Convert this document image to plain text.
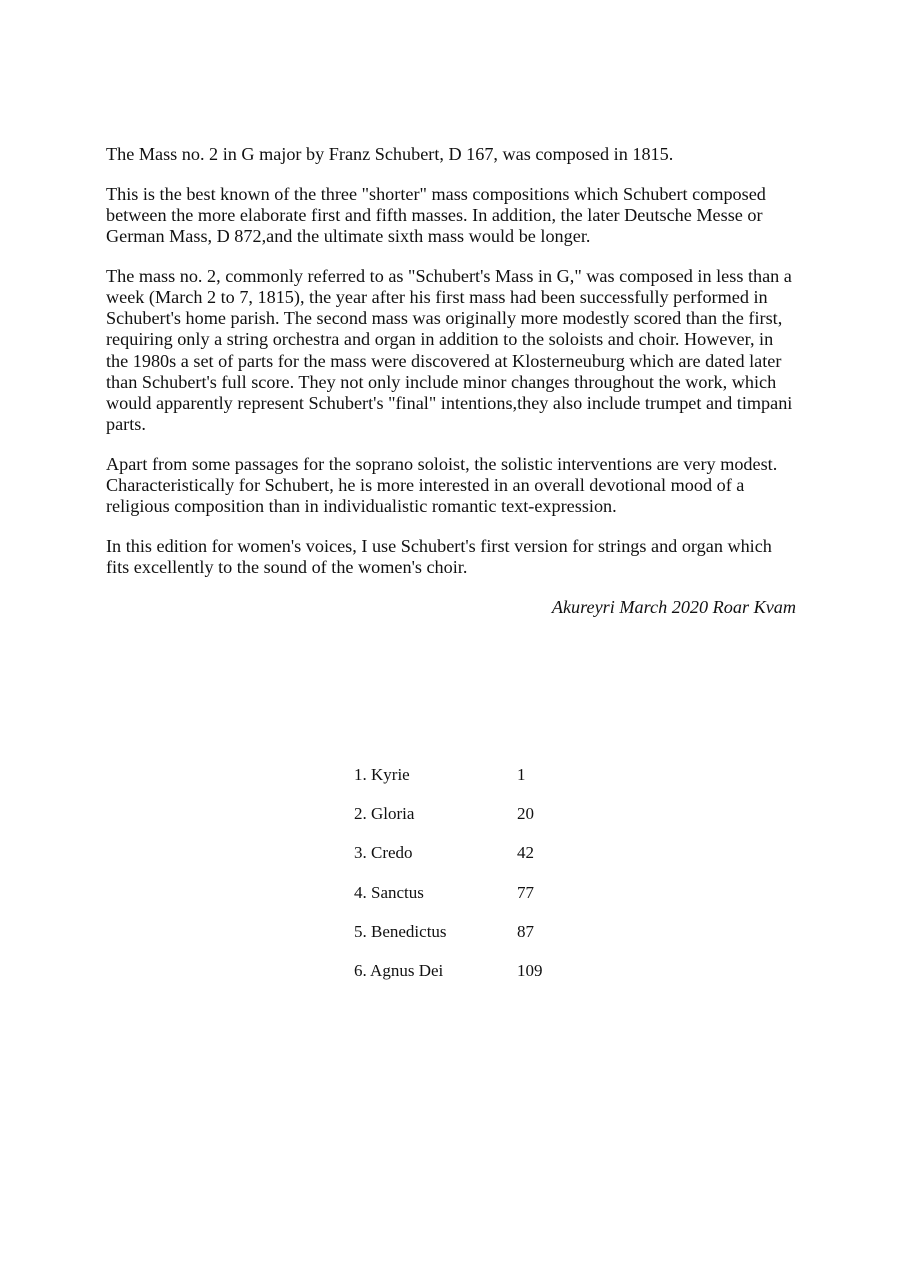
The Mass no. 2 in G major by Franz Schubert, D 167, was composed in 1815.

This is the best known of the three "shorter" mass compositions which Schubert composed between the more elaborate first and fifth masses. In addition, the later Deutsche Messe or German Mass, D 872,and the ultimate sixth mass would be longer.

The mass no. 2, commonly referred to as "Schubert's Mass in G," was composed in less than a week (March 2 to 7, 1815), the year after his first mass had been successfully performed in Schubert's home parish. The second mass was originally more modestly scored than the first, requiring only a string orchestra and organ in addition to the soloists and choir. However, in the 1980s a set of parts for the mass were discovered at Klosterneuburg which are dated later than Schubert's full score. They not only include minor changes throughout the work, which would apparently represent Schubert's "final" intentions,they also include trumpet and timpani parts.

Apart from some passages for the soprano soloist, the solistic interventions are very modest. Characteristically for Schubert, he is more interested in an overall devotional mood of a religious composition than in individualistic romantic text-expression.

In this edition for women's voices, I use Schubert's first version for strings and organ which fits excellently to the sound of the women's choir.

Akureyri March 2020 Roar Kvam

1. Kyrie	1
2. Gloria	20
3. Credo	42
4. Sanctus	77
5. Benedictus	87
6. Agnus Dei	109
